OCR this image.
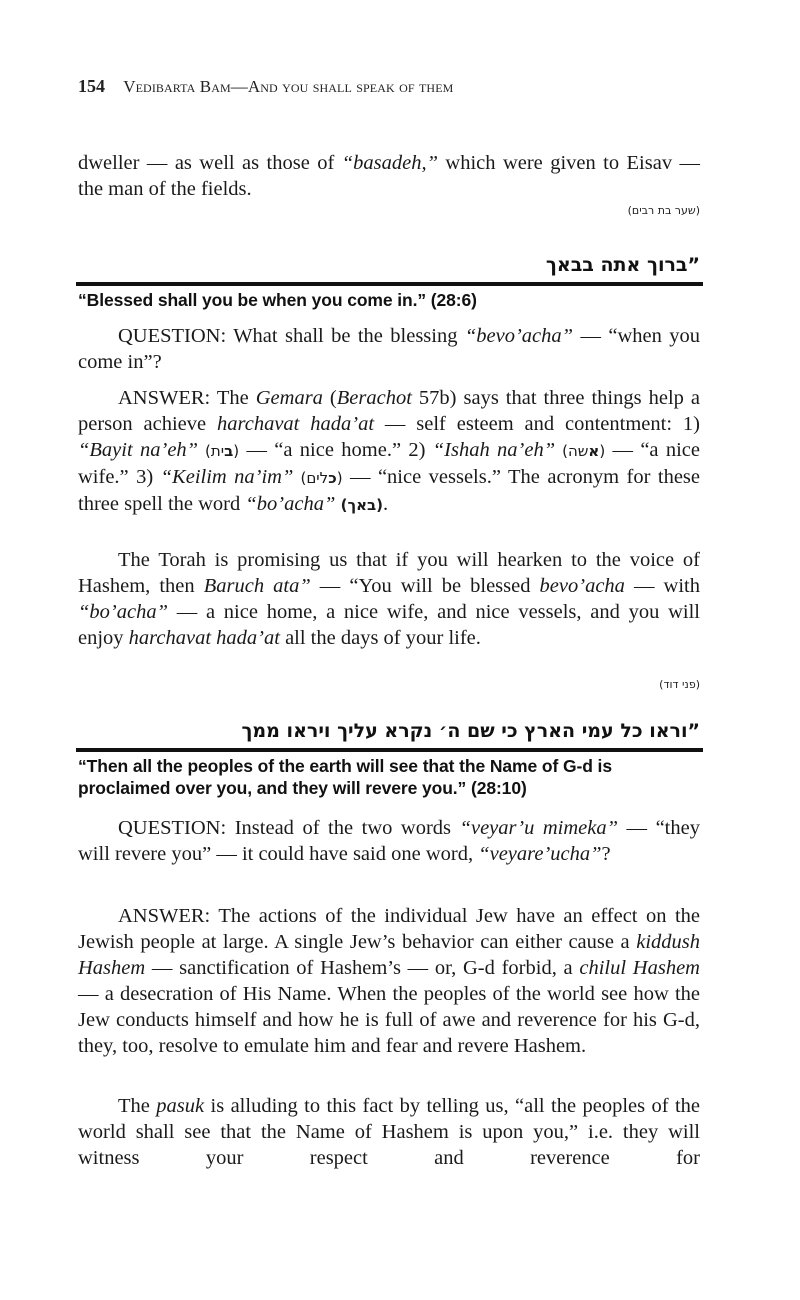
154 Vedibarta Bam—And you shall speak of them

dweller — as well as those of “basadeh,” which were given to Eisav — the man of the fields.

(שער בת רבים)
”ברוך אתה בבאך
“Blessed shall you be when you come in.” (28:6)

QUESTION: What shall be the blessing “bevo’acha” — “when you come in”?

ANSWER: The Gemara (Berachot 57b) says that three things help a person achieve harchavat hada’at — self esteem and contentment: 1) “Bayit na’eh” ( בית ) — “a nice home.” 2) “Ishah na’eh” ( אשה ) — “a nice wife.” 3) “Keilim na’im” ( כלים ) — “nice vessels.” The acronym for these three spell the word “bo’acha” (באך).

The Torah is promising us that if you will hearken to the voice of Hashem, then Baruch ata” — “You will be blessed bevo’acha — with “bo’acha” — a nice home, a nice wife, and nice vessels, and you will enjoy harchavat hada’at all the days of your life.

(פני דוד)
”וראו כל עמי הארץ כי שם ה׳ נקרא עליך ויראו ממך
“Then all the peoples of the earth will see that the Name of G-d is proclaimed over you, and they will revere you.” (28:10)

QUESTION: Instead of the two words “veyar’u mimeka” — “they will revere you” — it could have said one word, “veyare’ucha”?

ANSWER: The actions of the individual Jew have an effect on the Jewish people at large. A single Jew’s behavior can either cause a kiddush Hashem — sanctification of Hashem’s — or, G-d forbid, a chilul Hashem — a desecration of His Name. When the peoples of the world see how the Jew conducts himself and how he is full of awe and reverence for his G-d, they, too, resolve to emulate him and fear and revere Hashem.

The pasuk is alluding to this fact by telling us, “all the peoples of the world shall see that the Name of Hashem is upon you,” i.e. they will witness your respect and reverence for
